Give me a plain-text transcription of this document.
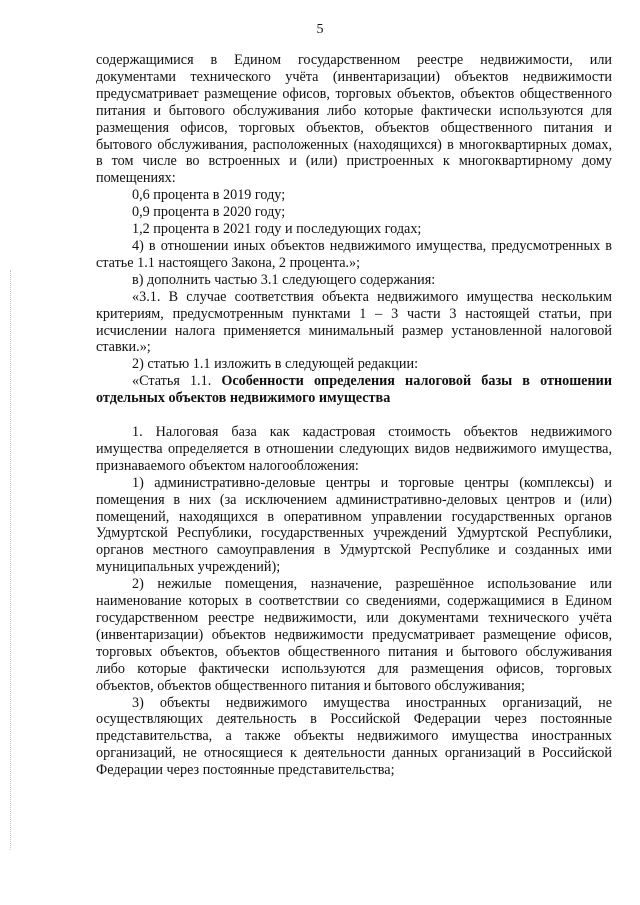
5

содержащимися в Едином государственном реестре недвижимости, или документами технического учёта (инвентаризации) объектов недвижимости предусматривает размещение офисов, торговых объектов, объектов общественного питания и бытового обслуживания либо которые фактически используются для размещения офисов, торговых объектов, объектов общественного питания и бытового обслуживания, расположенных (находящихся) в многоквартирных домах, в том числе во встроенных и (или) пристроенных к многоквартирному дому помещениях:

0,6 процента в 2019 году;

0,9 процента в 2020 году;

1,2 процента в 2021 году и последующих годах;

4) в отношении иных объектов недвижимого имущества, предусмотренных в статье 1.1 настоящего Закона, 2 процента.»;

в) дополнить частью 3.1 следующего содержания:

«3.1. В случае соответствия объекта недвижимого имущества нескольким критериям, предусмотренным пунктами 1 – 3 части 3 настоящей статьи, при исчислении налога применяется минимальный размер установленной налоговой ставки.»;

2) статью 1.1 изложить в следующей редакции:

«Статья 1.1. Особенности определения налоговой базы в отношении отдельных объектов недвижимого имущества

1. Налоговая база как кадастровая стоимость объектов недвижимого имущества определяется в отношении следующих видов недвижимого имущества, признаваемого объектом налогообложения:

1) административно-деловые центры и торговые центры (комплексы) и помещения в них (за исключением административно-деловых центров и (или) помещений, находящихся в оперативном управлении государственных органов Удмуртской Республики, государственных учреждений Удмуртской Республики, органов местного самоуправления в Удмуртской Республике и созданных ими муниципальных учреждений);

2) нежилые помещения, назначение, разрешённое использование или наименование которых в соответствии со сведениями, содержащимися в Едином государственном реестре недвижимости, или документами технического учёта (инвентаризации) объектов недвижимости предусматривает размещение офисов, торговых объектов, объектов общественного питания и бытового обслуживания либо которые фактически используются для размещения офисов, торговых объектов, объектов общественного питания и бытового обслуживания;

3) объекты недвижимого имущества иностранных организаций, не осуществляющих деятельность в Российской Федерации через постоянные представительства, а также объекты недвижимого имущества иностранных организаций, не относящиеся к деятельности данных организаций в Российской Федерации через постоянные представительства;
